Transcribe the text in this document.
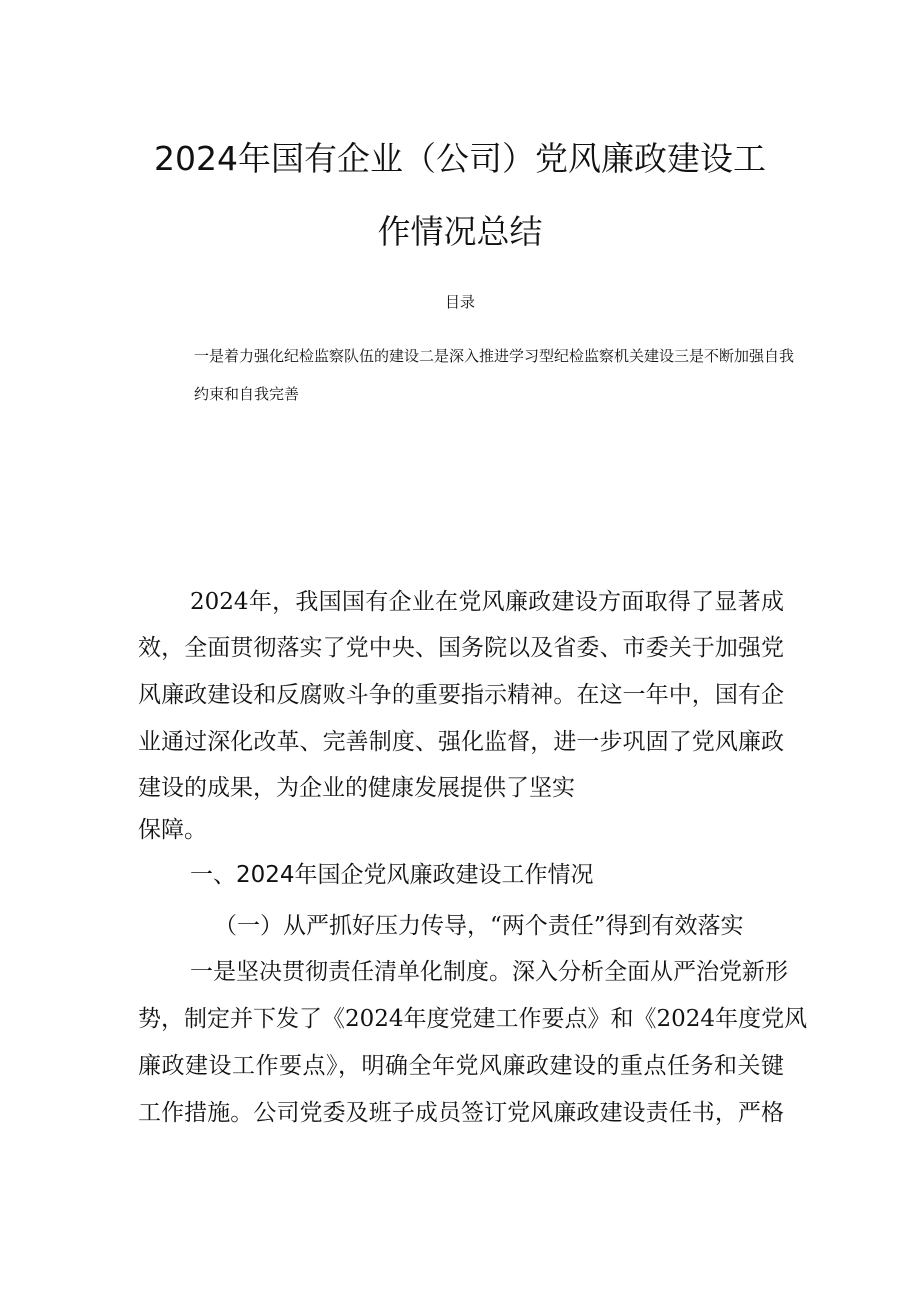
2024年国有企业（公司）党风廉政建设工
作情况总结
目录
一是着力强化纪检监察队伍的建设二是深入推进学习型纪检监察机关建设三是不断加强自我
约束和自我完善
2024年，我国国有企业在党风廉政建设方面取得了显著成
效，全面贯彻落实了党中央、国务院以及省委、市委关于加强党
风廉政建设和反腐败斗争的重要指示精神。在这一年中，国有企
业通过深化改革、完善制度、强化监督，进一步巩固了党风廉政
建设的成果，为企业的健康发展提供了坚实
保障。
一、2024年国企党风廉政建设工作情况
（一）从严抓好压力传导，“两个责任”得到有效落实
一是坚决贯彻责任清单化制度。深入分析全面从严治党新形
势，制定并下发了《2024年度党建工作要点》和《2024年度党风
廉政建设工作要点》，明确全年党风廉政建设的重点任务和关键
工作措施。公司党委及班子成员签订党风廉政建设责任书，严格
